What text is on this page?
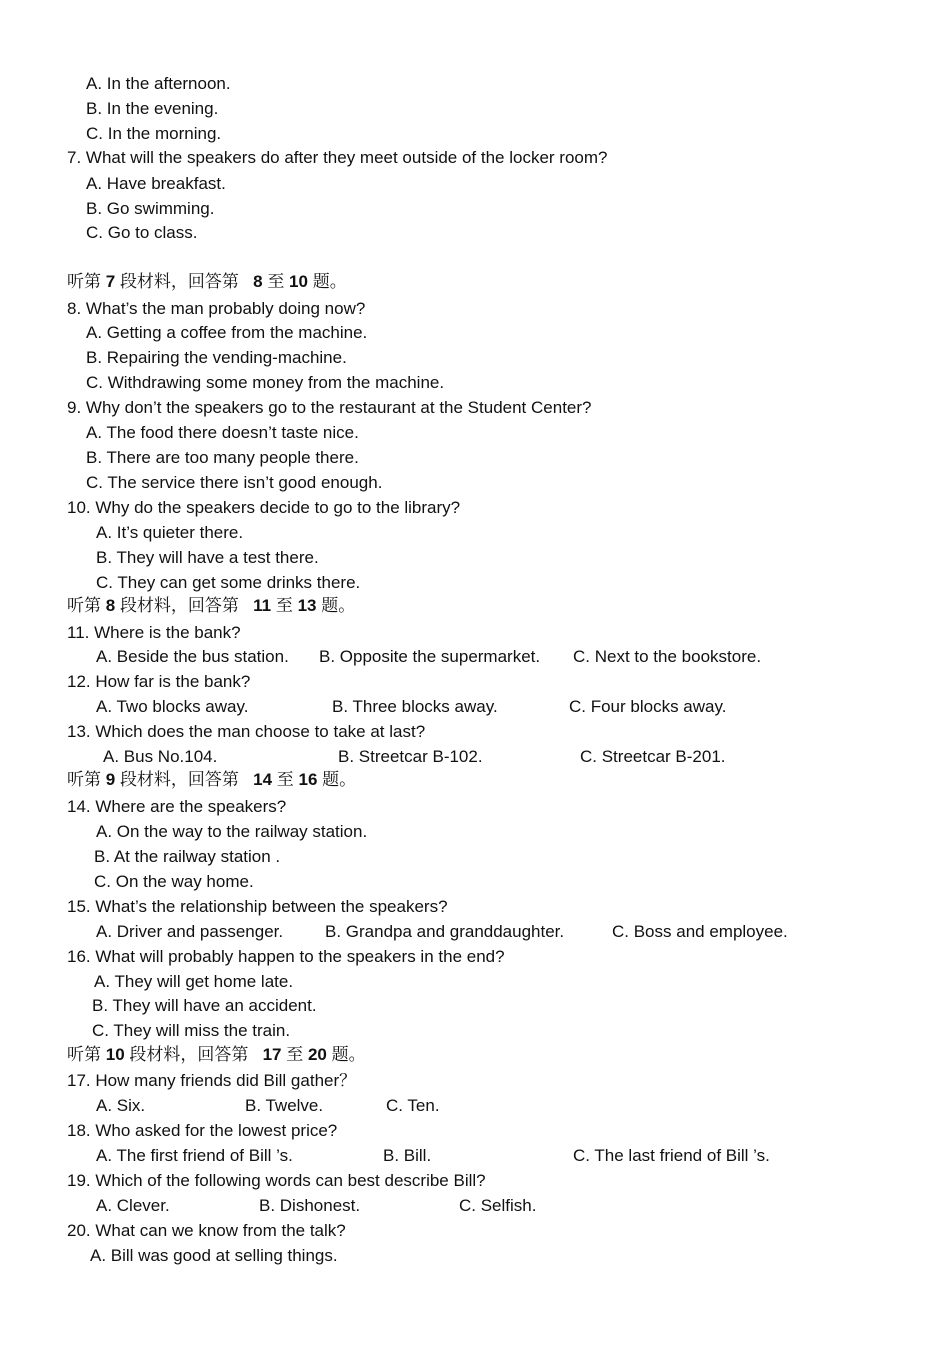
A. In the afternoon.
B. In the evening.
C. In the morning.
7. What will the speakers do after they meet outside of the locker room?
A. Have breakfast.
B. Go swimming.
C. Go to class.
听第 7 段材料，回答第 8 至 10 题。
8. What’s the man probably doing now?
A. Getting a coffee from the machine.
B. Repairing the vending-machine.
C. Withdrawing some money from the machine.
9. Why don’t the speakers go to the restaurant at the Student Center?
A. The food there doesn’t taste nice.
B. There are too many people there.
C. The service there isn’t good enough.
10. Why do the speakers decide to go to the library?
A. It’s quieter there.
B. They will have a test there.
C. They can get some drinks there.
听第 8 段材料，回答第 11 至 13 题。
11. Where is the bank?
A. Beside the bus station. B. Opposite the supermarket. C. Next to the bookstore.
12. How far is the bank?
A. Two blocks away.	B. Three blocks away.	C. Four blocks away.
13. Which does the man choose to take at last?
A. Bus No.104.	B. Streetcar B-102.	C. Streetcar B-201.
听第 9 段材料，回答第 14 至 16 题。
14. Where are the speakers?
A. On the way to the railway station.
B. At the railway station .
C. On the way home.
15. What’s the relationship between the speakers?
A. Driver and passenger. B. Grandpa and granddaughter.	C. Boss and employee.
16. What will probably happen to the speakers in the end?
A. They will get home late.
B. They will have an accident.
C. They will miss the train.
听第 10 段材料，回答第 17 至 20 题。
17. How many friends did Bill gather？
A. Six.	B. Twelve.	C. Ten.
18. Who asked for the lowest price?
A. The first friend of Bill ’s.	B. Bill.	C. The last friend of Bill ’s.
19. Which of the following words can best describe Bill?
A. Clever.	B. Dishonest.	C. Selfish.
20. What can we know from the talk?
A. Bill was good at selling things.
